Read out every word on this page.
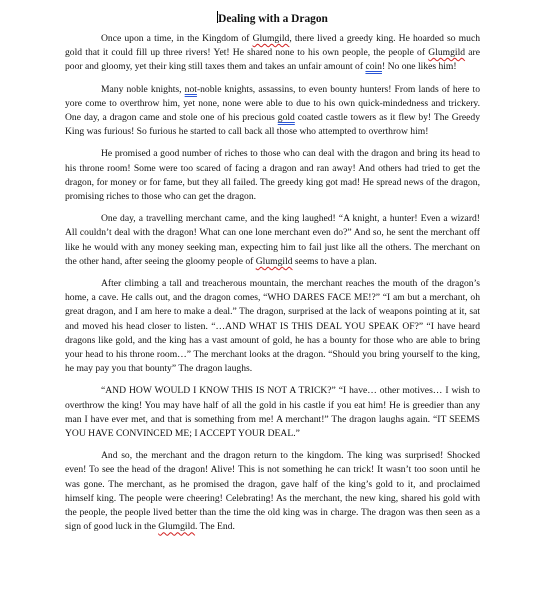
Dealing with a Dragon

Once upon a time, in the Kingdom of Glumgild, there lived a greedy king. He hoarded so much gold that it could fill up three rivers! Yet! He shared none to his own people, the people of Glumgild are poor and gloomy, yet their king still taxes them and takes an unfair amount of coin! No one likes him!

Many noble knights, not-noble knights, assassins, to even bounty hunters! From lands of here to yore come to overthrow him, yet none, none were able to due to his own quick-mindedness and trickery. One day, a dragon came and stole one of his precious gold coated castle towers as it flew by! The Greedy King was furious! So furious he started to call back all those who attempted to overthrow him!

He promised a good number of riches to those who can deal with the dragon and bring its head to his throne room! Some were too scared of facing a dragon and ran away! And others had tried to get the dragon, for money or for fame, but they all failed. The greedy king got mad! He spread news of the dragon, promising riches to those who can get the dragon.

One day, a travelling merchant came, and the king laughed! “A knight, a hunter! Even a wizard! All couldn’t deal with the dragon! What can one lone merchant even do?” And so, he sent the merchant off like he would with any money seeking man, expecting him to fail just like all the others. The merchant on the other hand, after seeing the gloomy people of Glumgild seems to have a plan.

After climbing a tall and treacherous mountain, the merchant reaches the mouth of the dragon’s home, a cave. He calls out, and the dragon comes, “WHO DARES FACE ME!?” “I am but a merchant, oh great dragon, and I am here to make a deal.” The dragon, surprised at the lack of weapons pointing at it, sat and moved his head closer to listen. “…AND WHAT IS THIS DEAL YOU SPEAK OF?” “I have heard dragons like gold, and the king has a vast amount of gold, he has a bounty for those who are able to bring your head to his throne room…” The merchant looks at the dragon. “Should you bring yourself to the king, he may pay you that bounty” The dragon laughs.

“AND HOW WOULD I KNOW THIS IS NOT A TRICK?” “I have… other motives… I wish to overthrow the king! You may have half of all the gold in his castle if you eat him! He is greedier than any man I have ever met, and that is something from me! A merchant!” The dragon laughs again. “IT SEEMS YOU HAVE CONVINCED ME; I ACCEPT YOUR DEAL.”

And so, the merchant and the dragon return to the kingdom. The king was surprised! Shocked even! To see the head of the dragon! Alive! This is not something he can trick! It wasn’t too soon until he was gone. The merchant, as he promised the dragon, gave half of the king’s gold to it, and proclaimed himself king. The people were cheering! Celebrating! As the merchant, the new king, shared his gold with the people, the people lived better than the time the old king was in charge. The dragon was then seen as a sign of good luck in the Glumgild. The End.
